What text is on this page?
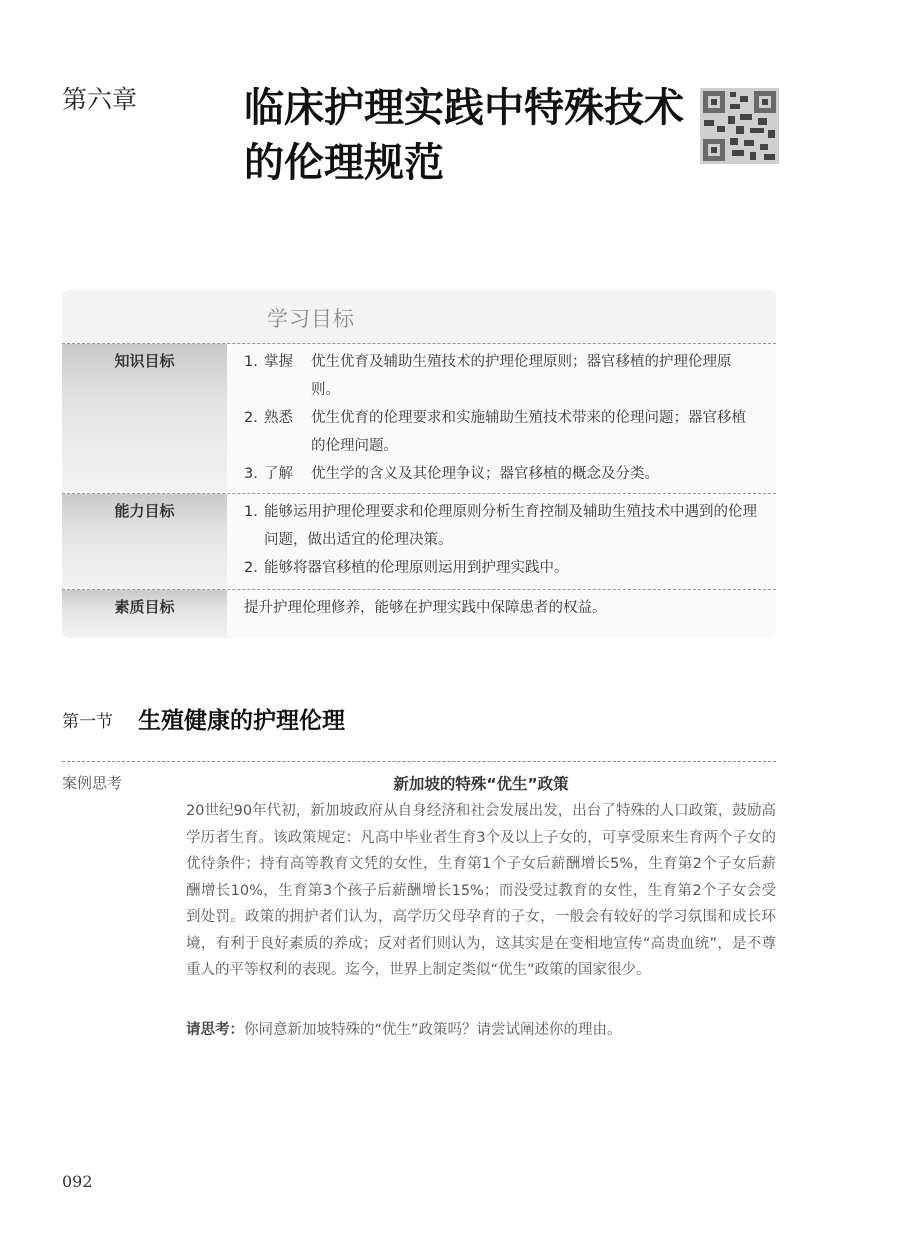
第六章	临床护理实践中特殊技术的伦理规范
学习目标
知识目标	1. 掌握	优生优育及辅助生殖技术的护理伦理原则；器官移植的护理伦理原则。
2. 熟悉	优生优育的伦理要求和实施辅助生殖技术带来的伦理问题；器官移植的伦理问题。
3. 了解	优生学的含义及其伦理争议；器官移植的概念及分类。
能力目标	1. 能够运用护理伦理要求和伦理原则分析生育控制及辅助生殖技术中遇到的伦理问题，做出适宜的伦理决策。
2. 能够将器官移植的伦理原则运用到护理实践中。
素质目标	提升护理伦理修养，能够在护理实践中保障患者的权益。
第一节 生殖健康的护理伦理
案例思考	新加坡的特殊“优生”政策
20世纪90年代初，新加坡政府从自身经济和社会发展出发，出台了特殊的人口政策，鼓励高学历者生育。该政策规定：凡高中毕业者生育3个及以上子女的，可享受原来生育两个子女的优待条件；持有高等教育文凭的女性，生育第1个子女后薪酬增长5%，生育第2个子女后薪酬增长10%，生育第3个孩子后薪酬增长15%；而没受过教育的女性，生育第2个子女会受到处罚。政策的拥护者们认为，高学历父母孕育的子女，一般会有较好的学习氛围和成长环境，有利于良好素质的养成；反对者们则认为，这其实是在变相地宣传“高贵血统”，是不尊重人的平等权利的表现。迄今，世界上制定类似“优生”政策的国家很少。
请思考：你同意新加坡特殊的“优生”政策吗？请尝试阐述你的理由。
092
